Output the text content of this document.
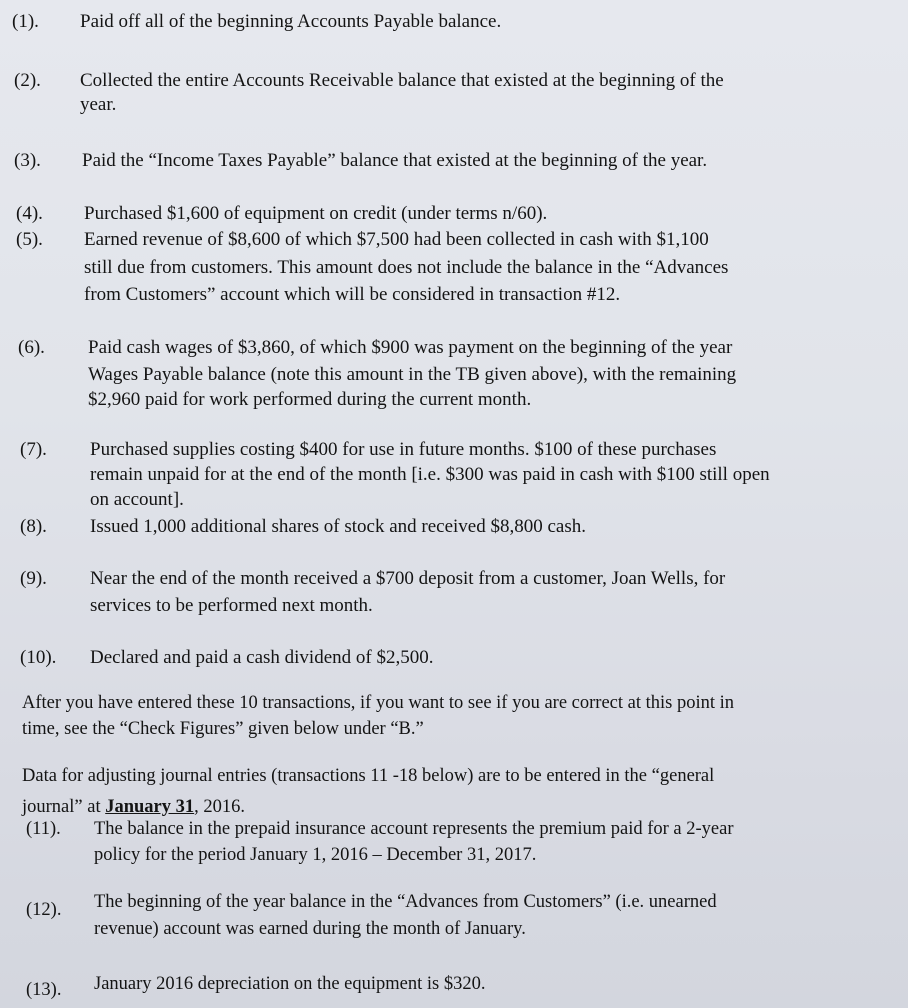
(1). Paid off all of the beginning Accounts Payable balance.
(2). Collected the entire Accounts Receivable balance that existed at the beginning of the
year.
(3). Paid the “Income Taxes Payable” balance that existed at the beginning of the year.
(4). Purchased $1,600 of equipment on credit (under terms n/60).
(5). Earned revenue of $8,600 of which $7,500 had been collected in cash with $1,100
still due from customers. This amount does not include the balance in the “Advances
from Customers” account which will be considered in transaction #12.
(6). Paid cash wages of $3,860, of which $900 was payment on the beginning of the year
Wages Payable balance (note this amount in the TB given above), with the remaining
$2,960 paid for work performed during the current month.
(7). Purchased supplies costing $400 for use in future months. $100 of these purchases
remain unpaid for at the end of the month [i.e. $300 was paid in cash with $100 still open
on account].
(8). Issued 1,000 additional shares of stock and received $8,800 cash.
(9). Near the end of the month received a $700 deposit from a customer, Joan Wells, for
services to be performed next month.
(10). Declared and paid a cash dividend of $2,500.
After you have entered these 10 transactions, if you want to see if you are correct at this point in
time, see the “Check Figures” given below under “B.”
Data for adjusting journal entries (transactions 11 -18 below) are to be entered in the “general
journal” at January 31, 2016.
(11). The balance in the prepaid insurance account represents the premium paid for a 2-year
policy for the period January 1, 2016 – December 31, 2017.
(12). The beginning of the year balance in the “Advances from Customers” (i.e. unearned
revenue) account was earned during the month of January.
(13). January 2016 depreciation on the equipment is $320.
